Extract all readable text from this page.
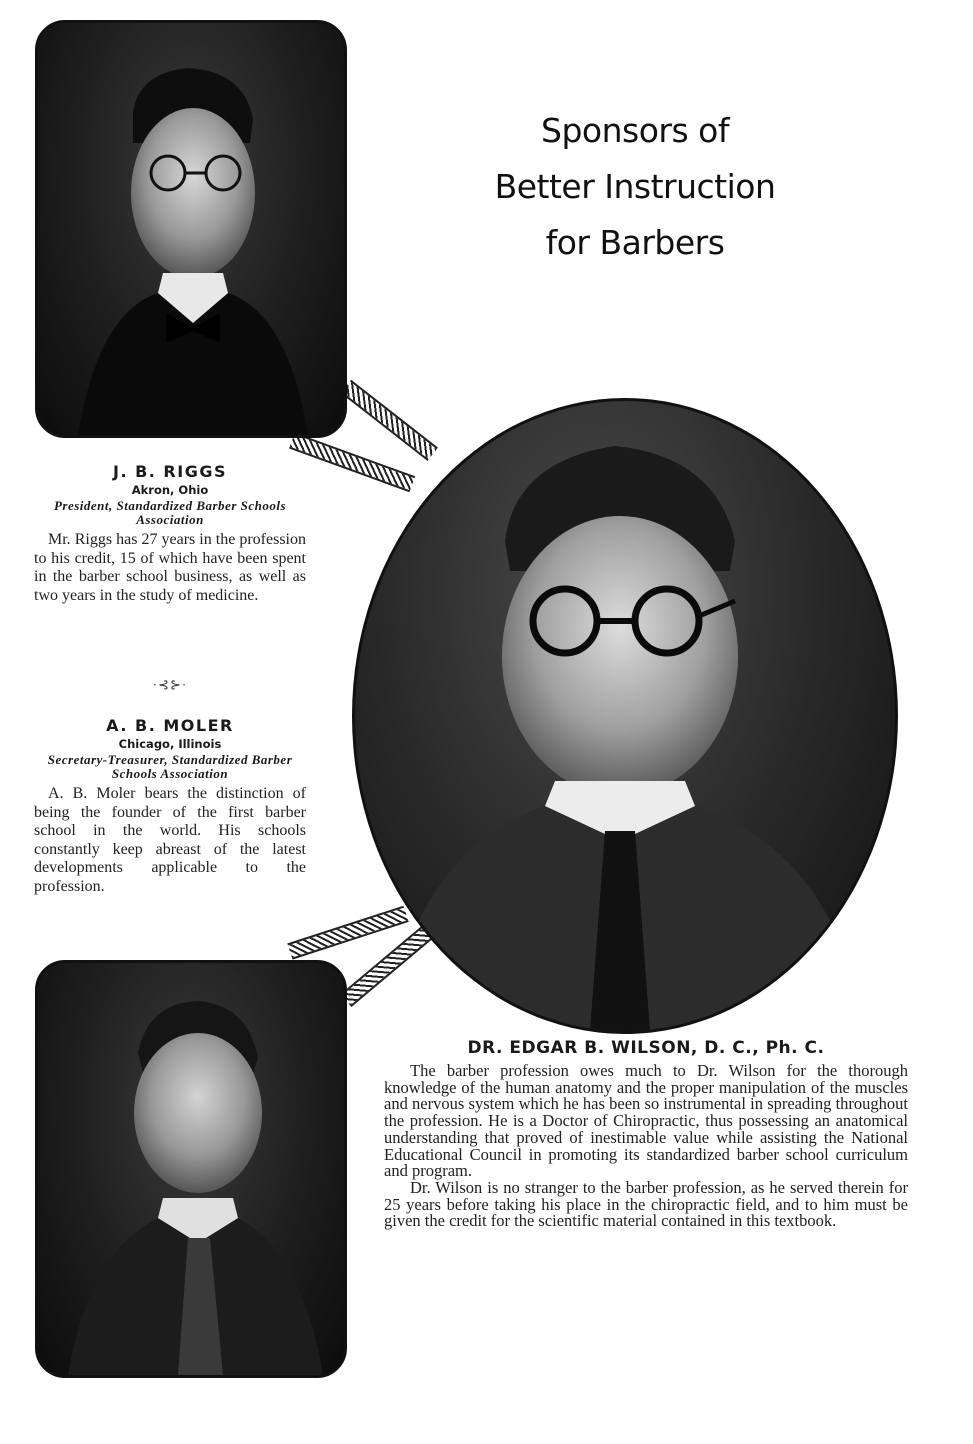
Sponsors of
Better Instruction
for Barbers
J. B. RIGGS
Akron, Ohio
President, Standardized Barber Schools Association
Mr. Riggs has 27 years in the profession to his credit, 15 of which have been spent in the barber school business, as well as two years in the study of medicine.
·⊰⊱·
A. B. MOLER
Chicago, Illinois
Secretary-Treasurer, Standardized Barber Schools Association
A. B. Moler bears the distinction of being the founder of the first barber school in the world. His schools constantly keep abreast of the latest developments applicable to the profession.
DR. EDGAR B. WILSON, D. C., Ph. C.

The barber profession owes much to Dr. Wilson for the thorough knowledge of the human anatomy and the proper manipulation of the muscles and nervous system which he has been so instrumental in spreading throughout the profession. He is a Doctor of Chiropractic, thus possessing an anatomical understanding that proved of inestimable value while assisting the National Educational Council in promoting its standardized barber school curriculum and program.

Dr. Wilson is no stranger to the barber profession, as he served therein for 25 years before taking his place in the chiropractic field, and to him must be given the credit for the scientific material contained in this textbook.
